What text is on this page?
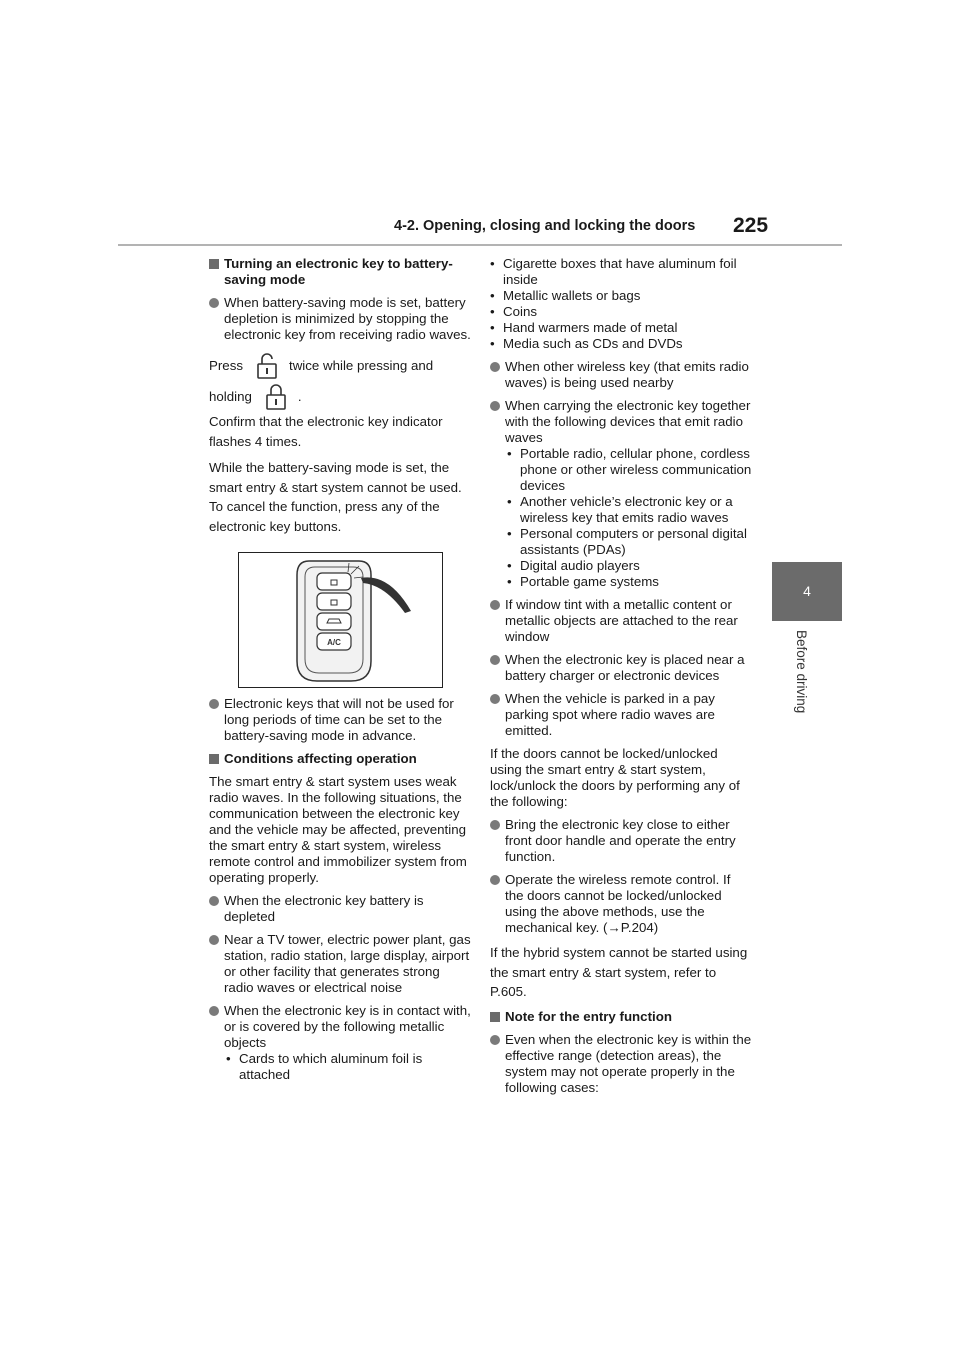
4-2. Opening, closing and locking the doors 225
4
Before driving
Turning an electronic key to battery-saving mode
When battery-saving mode is set, battery depletion is minimized by stopping the electronic key from receiving radio waves.
Press	twice while pressing and
holding	.
Confirm that the electronic key indicator flashes 4 times.
While the battery-saving mode is set, the smart entry & start system cannot be used. To cancel the function, press any of the electronic key buttons.
A/C
Electronic keys that will not be used for long periods of time can be set to the battery-saving mode in advance.
Conditions affecting operation
The smart entry & start system uses weak radio waves. In the following situations, the communication between the electronic key and the vehicle may be affected, preventing the smart entry & start system, wireless remote control and immobilizer system from operating properly.
When the electronic key battery is depleted
Near a TV tower, electric power plant, gas station, radio station, large display, airport or other facility that generates strong radio waves or electrical noise
When the electronic key is in contact with, or is covered by the following metallic objects
• Cards to which aluminum foil is attached
• Cigarette boxes that have aluminum foil inside
• Metallic wallets or bags
• Coins
• Hand warmers made of metal
• Media such as CDs and DVDs
When other wireless key (that emits radio waves) is being used nearby
When carrying the electronic key together with the following devices that emit radio waves
• Portable radio, cellular phone, cordless phone or other wireless communication devices
• Another vehicle’s electronic key or a wireless key that emits radio waves
• Personal computers or personal digital assistants (PDAs)
• Digital audio players
• Portable game systems
If window tint with a metallic content or metallic objects are attached to the rear window
When the electronic key is placed near a battery charger or electronic devices
When the vehicle is parked in a pay parking spot where radio waves are emitted.
If the doors cannot be locked/unlocked using the smart entry & start system, lock/unlock the doors by performing any of the following:
Bring the electronic key close to either front door handle and operate the entry function.
Operate the wireless remote control. If the doors cannot be locked/unlocked using the above methods, use the mechanical key. (→P.204)
If the hybrid system cannot be started using the smart entry & start system, refer to P.605.
Note for the entry function
Even when the electronic key is within the effective range (detection areas), the system may not operate properly in the following cases:
